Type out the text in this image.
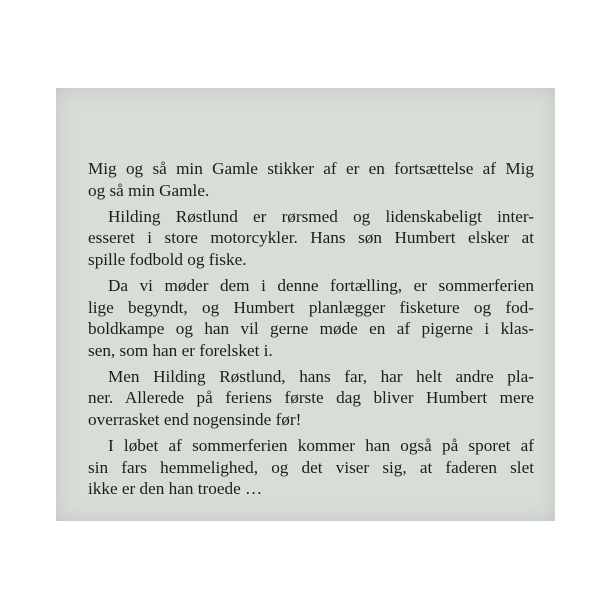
Mig og så min Gamle stikker af er en fortsættelse af Mig
og så min Gamle.

Hilding Røstlund er rørsmed og lidenskabeligt inter-
esseret i store motorcykler. Hans søn Humbert elsker at
spille fodbold og fiske.

Da vi møder dem i denne fortælling, er sommerferien
lige begyndt, og Humbert planlægger fisketure og fod-
boldkampe og han vil gerne møde en af pigerne i klas-
sen, som han er forelsket i.

Men Hilding Røstlund, hans far, har helt andre pla-
ner. Allerede på feriens første dag bliver Humbert mere
overrasket end nogensinde før!

I løbet af sommerferien kommer han også på sporet af
sin fars hemmelighed, og det viser sig, at faderen slet
ikke er den han troede …
